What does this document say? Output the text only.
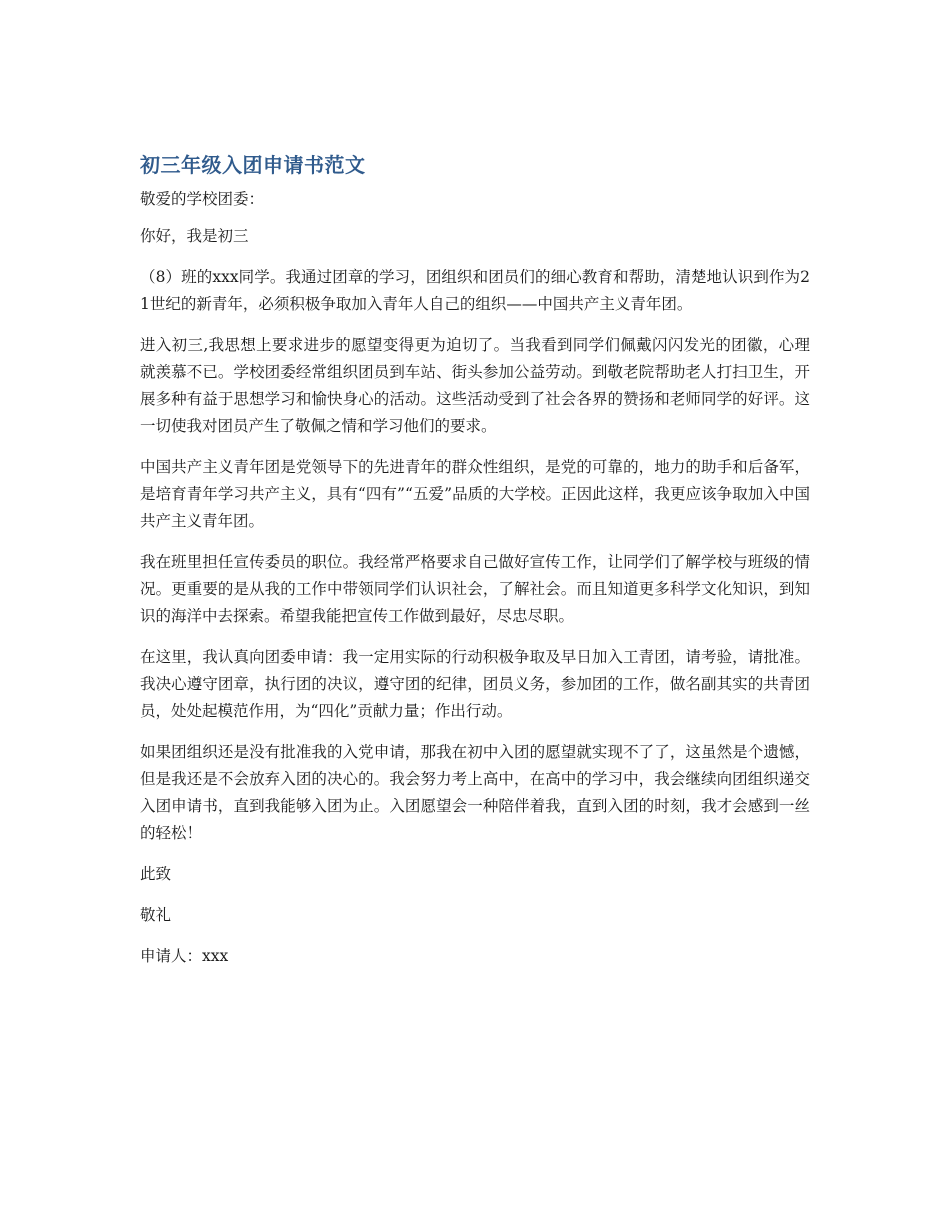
初三年级入团申请书范文

敬爱的学校团委：

你好，我是初三

（8）班的xxx同学。我通过团章的学习，团组织和团员们的细心教育和帮助，清楚地认识到作为21世纪的新青年，必须积极争取加入青年人自己的组织——中国共产主义青年团。

进入初三,我思想上要求进步的愿望变得更为迫切了。当我看到同学们佩戴闪闪发光的团徽，心理就羡慕不已。学校团委经常组织团员到车站、街头参加公益劳动。到敬老院帮助老人打扫卫生，开展多种有益于思想学习和愉快身心的活动。这些活动受到了社会各界的赞扬和老师同学的好评。这一切使我对团员产生了敬佩之情和学习他们的要求。

中国共产主义青年团是党领导下的先进青年的群众性组织，是党的可靠的，地力的助手和后备军，是培育青年学习共产主义，具有“四有”“五爱”品质的大学校。正因此这样，我更应该争取加入中国共产主义青年团。

我在班里担任宣传委员的职位。我经常严格要求自己做好宣传工作，让同学们了解学校与班级的情况。更重要的是从我的工作中带领同学们认识社会，了解社会。而且知道更多科学文化知识，到知识的海洋中去探索。希望我能把宣传工作做到最好，尽忠尽职。

在这里，我认真向团委申请：我一定用实际的行动积极争取及早日加入工青团，请考验，请批准。我决心遵守团章，执行团的决议，遵守团的纪律，团员义务，参加团的工作，做名副其实的共青团员，处处起模范作用，为“四化”贡献力量；作出行动。

如果团组织还是没有批准我的入党申请，那我在初中入团的愿望就实现不了了，这虽然是个遗憾，但是我还是不会放弃入团的决心的。我会努力考上高中，在高中的学习中，我会继续向团组织递交入团申请书，直到我能够入团为止。入团愿望会一种陪伴着我，直到入团的时刻，我才会感到一丝的轻松！

此致

敬礼

申请人：xxx
